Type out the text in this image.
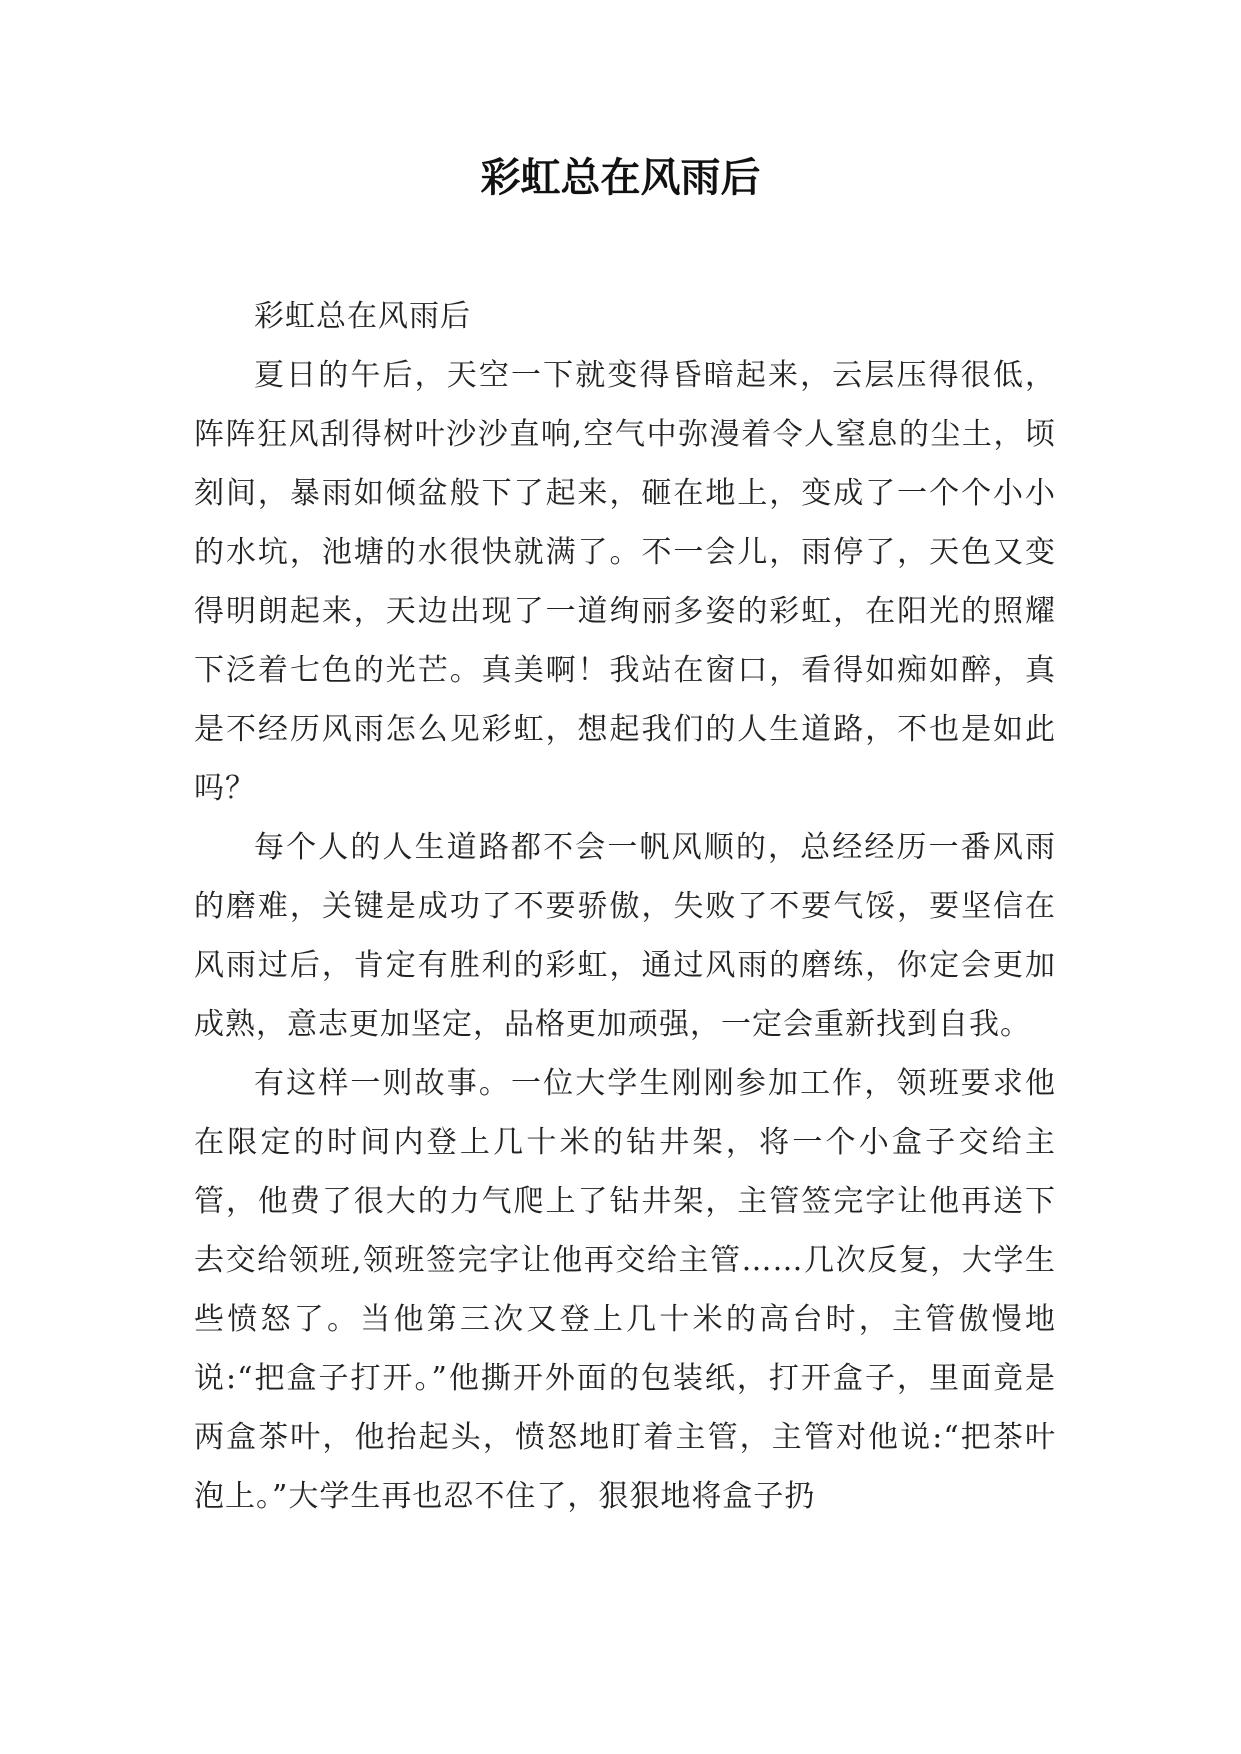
彩虹总在风雨后

彩虹总在风雨后

夏日的午后，天空一下就变得昏暗起来，云层压得很低，阵阵狂风刮得树叶沙沙直响,空气中弥漫着令人窒息的尘土，顷刻间，暴雨如倾盆般下了起来，砸在地上，变成了一个个小小的水坑，池塘的水很快就满了。不一会儿，雨停了，天色又变得明朗起来，天边出现了一道绚丽多姿的彩虹，在阳光的照耀下泛着七色的光芒。真美啊！我站在窗口，看得如痴如醉，真是不经历风雨怎么见彩虹，想起我们的人生道路，不也是如此吗？

每个人的人生道路都不会一帆风顺的，总经经历一番风雨的磨难，关键是成功了不要骄傲，失败了不要气馁，要坚信在风雨过后，肯定有胜利的彩虹，通过风雨的磨练，你定会更加成熟，意志更加坚定，品格更加顽强，一定会重新找到自我。

有这样一则故事。一位大学生刚刚参加工作，领班要求他在限定的时间内登上几十米的钻井架，将一个小盒子交给主管，他费了很大的力气爬上了钻井架，主管签完字让他再送下去交给领班,领班签完字让他再交给主管……几次反复，大学生些愤怒了。当他第三次又登上几十米的高台时，主管傲慢地说:“把盒子打开。”他撕开外面的包装纸，打开盒子，里面竟是两盒茶叶，他抬起头，愤怒地盯着主管，主管对他说:“把茶叶泡上。”大学生再也忍不住了，狠狠地将盒子扔
